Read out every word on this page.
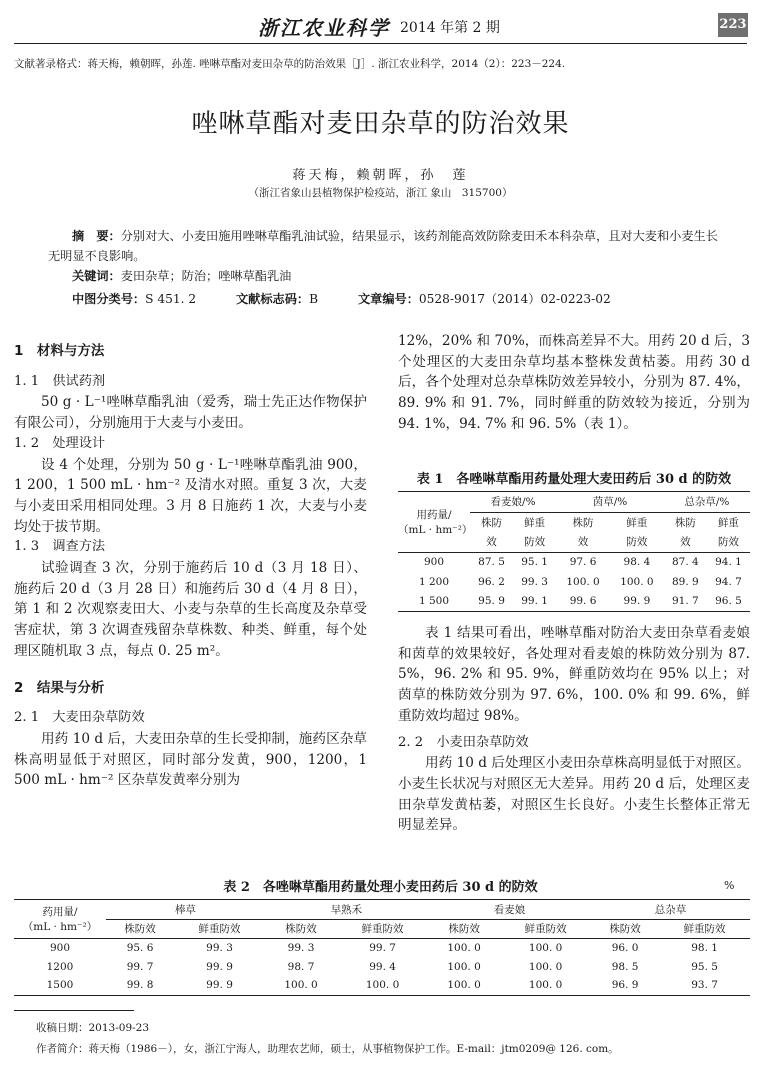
浙江农业科学 2014 年第 2 期	223
文献著录格式：蒋天梅，赖朝晖，孙莲. 唑啉草酯对麦田杂草的防治效果［J］. 浙江农业科学，2014（2）：223－224.
唑啉草酯对麦田杂草的防治效果
蒋天梅，赖朝晖，孙　莲
（浙江省象山县植物保护检疫站，浙江 象山　315700）
摘　要：分别对大、小麦田施用唑啉草酯乳油试验，结果显示，该药剂能高效防除麦田禾本科杂草，且对大麦和小麦生长无明显不良影响。
关键词：麦田杂草；防治；唑啉草酯乳油
中图分类号：S 451. 2	文献标志码：B	文章编号：0528-9017（2014）02-0223-02
1　材料与方法
1. 1　供试药剂

50 g · L⁻¹唑啉草酯乳油（爱秀，瑞士先正达作物保护有限公司），分别施用于大麦与小麦田。

1. 2　处理设计

设 4 个处理，分别为 50 g · L⁻¹唑啉草酯乳油 900，1 200，1 500 mL · hm⁻² 及清水对照。重复 3 次，大麦与小麦田采用相同处理。3 月 8 日施药 1 次，大麦与小麦均处于拔节期。

1. 3　调查方法

试验调查 3 次，分别于施药后 10 d（3 月 18 日）、施药后 20 d（3 月 28 日）和施药后 30 d（4 月 8 日），第 1 和 2 次观察麦田大、小麦与杂草的生长高度及杂草受害症状，第 3 次调查残留杂草株数、种类、鲜重，每个处理区随机取 3 点，每点 0. 25 m²。

2　结果与分析
2. 1　大麦田杂草防效

用药 10 d 后，大麦田杂草的生长受抑制，施药区杂草株高明显低于对照区，同时部分发黄，900，1200，1 500 mL · hm⁻² 区杂草发黄率分别为

12%，20% 和 70%，而株高差异不大。用药 20 d 后，3 个处理区的大麦田杂草均基本整株发黄枯萎。用药 30 d 后，各个处理对总杂草株防效差异较小，分别为 87. 4%，89. 9% 和 91. 7%，同时鲜重的防效较为接近，分别为 94. 1%，94. 7% 和 96. 5%（表 1）。

表 1　各唑啉草酯用药量处理大麦田药后 30 d 的防效
用药量/
（mL · hm⁻²）	看麦娘/%		茵草/%		总杂草/%	
	株防	鲜重	株防	鲜重	株防	鲜重
	效	防效	效	防效	效	防效
900	87. 5	95. 1	97. 6	98. 4	87. 4	94. 1
1 200	96. 2	99. 3	100. 0	100. 0	89. 9	94. 7
1 500	95. 9	99. 1	99. 6	99. 9	91. 7	96. 5

表 1 结果可看出，唑啉草酯对防治大麦田杂草看麦娘和茵草的效果较好，各处理对看麦娘的株防效分别为 87. 5%，96. 2% 和 95. 9%，鲜重防效均在 95% 以上；对茵草的株防效分别为 97. 6%，100. 0% 和 99. 6%，鲜重防效均超过 98%。

2. 2　小麦田杂草防效

用药 10 d 后处理区小麦田杂草株高明显低于对照区。小麦生长状况与对照区无大差异。用药 20 d 后，处理区麦田杂草发黄枯萎，对照区生长良好。小麦生长整体正常无明显差异。

表 2　各唑啉草酯用药量处理小麦田药后 30 d 的防效	%
药用量/
（mL · hm⁻²）	棒草		早熟禾		看麦娘		总杂草	
	株防效	鲜重防效	株防效	鲜重防效	株防效	鲜重防效	株防效	鲜重防效
900	95. 6	99. 3	99. 3	99. 7	100. 0	100. 0	96. 0	98. 1
1200	99. 7	99. 9	98. 7	99. 4	100. 0	100. 0	98. 5	95. 5
1500	99. 8	99. 9	100. 0	100. 0	100. 0	100. 0	96. 9	93. 7
收稿日期：2013-09-23
作者简介：蒋天梅（1986－），女，浙江宁海人，助理农艺师，硕士，从事植物保护工作。E-mail：jtm0209@ 126. com。
